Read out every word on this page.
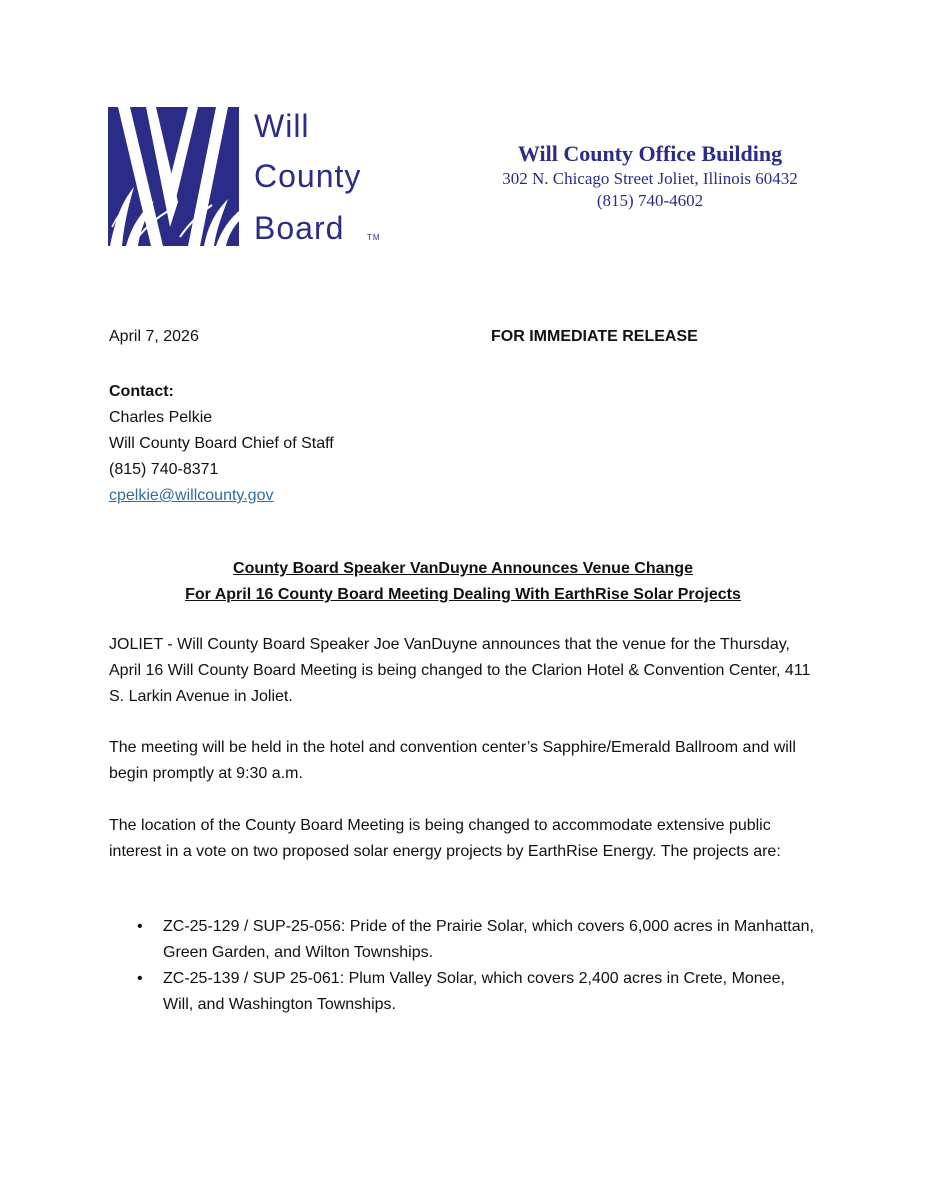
Will
County
Board	TM
Will County Office Building
302 N. Chicago Street Joliet, Illinois 60432
(815) 740-4602
April 7, 2026	FOR IMMEDIATE RELEASE
Contact:
Charles Pelkie
Will County Board Chief of Staff
(815) 740-8371
cpelkie@willcounty.gov
County Board Speaker VanDuyne Announces Venue Change
For April 16 County Board Meeting Dealing With EarthRise Solar Projects

JOLIET - Will County Board Speaker Joe VanDuyne announces that the venue for the Thursday, April 16 Will County Board Meeting is being changed to the Clarion Hotel & Convention Center, 411 S. Larkin Avenue in Joliet.

The meeting will be held in the hotel and convention center’s Sapphire/Emerald Ballroom and will begin promptly at 9:30 a.m.

The location of the County Board Meeting is being changed to accommodate extensive public interest in a vote on two proposed solar energy projects by EarthRise Energy. The projects are:

• ZC-25-129 / SUP-25-056: Pride of the Prairie Solar, which covers 6,000 acres in Manhattan, Green Garden, and Wilton Townships.
• ZC-25-139 / SUP 25-061: Plum Valley Solar, which covers 2,400 acres in Crete, Monee, Will, and Washington Townships.
